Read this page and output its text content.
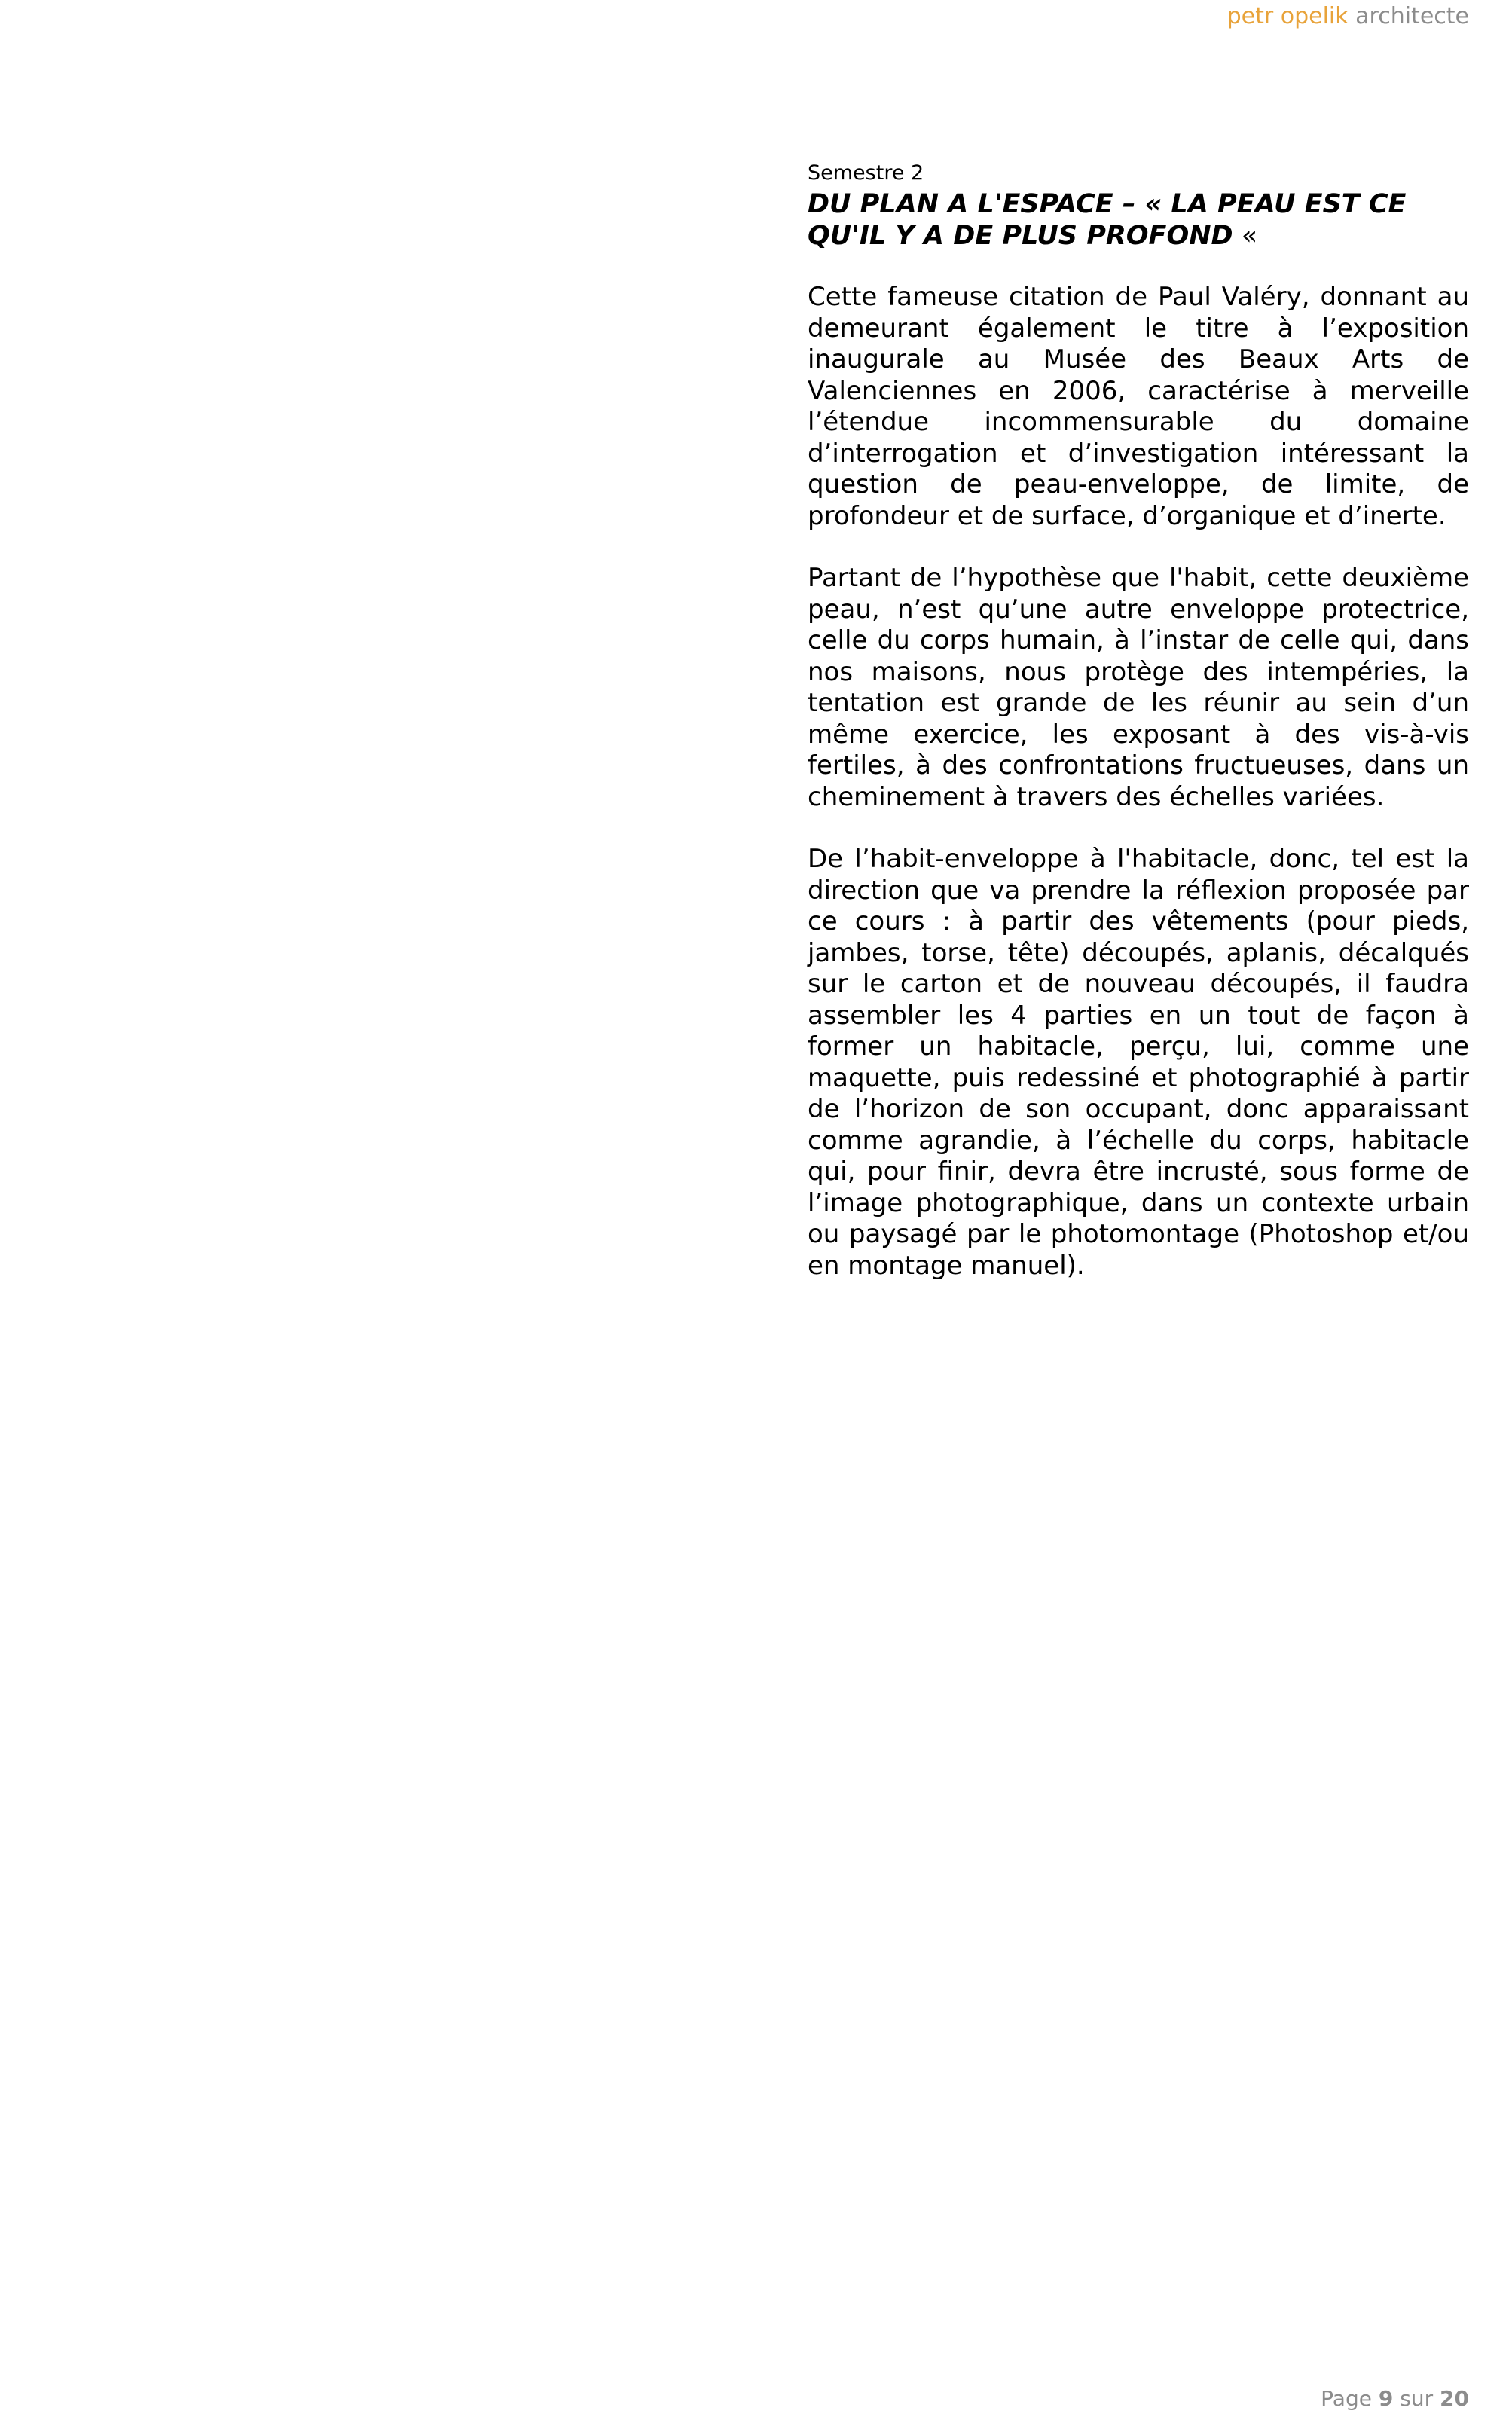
petr opelik architecte
Semestre 2
DU PLAN A L'ESPACE – « LA PEAU EST CE QU'IL Y A DE PLUS PROFOND «

Cette fameuse citation de Paul Valéry, donnant au demeurant également le titre à l’exposition inaugurale au Musée des Beaux Arts de Valenciennes en 2006, caractérise à merveille l’étendue incommensurable du domaine d’interrogation et d’investigation intéressant la question de peau-enveloppe, de limite, de profondeur et de surface, d’organique et d’inerte.

Partant de l’hypothèse que l'habit, cette deuxième peau, n’est qu’une autre enveloppe protectrice, celle du corps humain, à l’instar de celle qui, dans nos maisons, nous protège des intempéries, la tentation est grande de les réunir au sein d’un même exercice, les exposant à des vis-à-vis fertiles, à des confrontations fructueuses, dans un cheminement à travers des échelles variées.

De l’habit-enveloppe à l'habitacle, donc, tel est la direction que va prendre la réflexion proposée par ce cours : à partir des vêtements (pour pieds, jambes, torse, tête) découpés, aplanis, décalqués sur le carton et de nouveau découpés, il faudra assembler les 4 parties en un tout de façon à former un habitacle, perçu, lui, comme une maquette, puis redessiné et photographié à partir de l’horizon de son occupant, donc apparaissant comme agrandie, à l’échelle du corps, habitacle qui, pour finir, devra être incrusté, sous forme de l’image photographique, dans un contexte urbain ou paysagé par le photomontage (Photoshop et/ou en montage manuel).

Page 9 sur 20
